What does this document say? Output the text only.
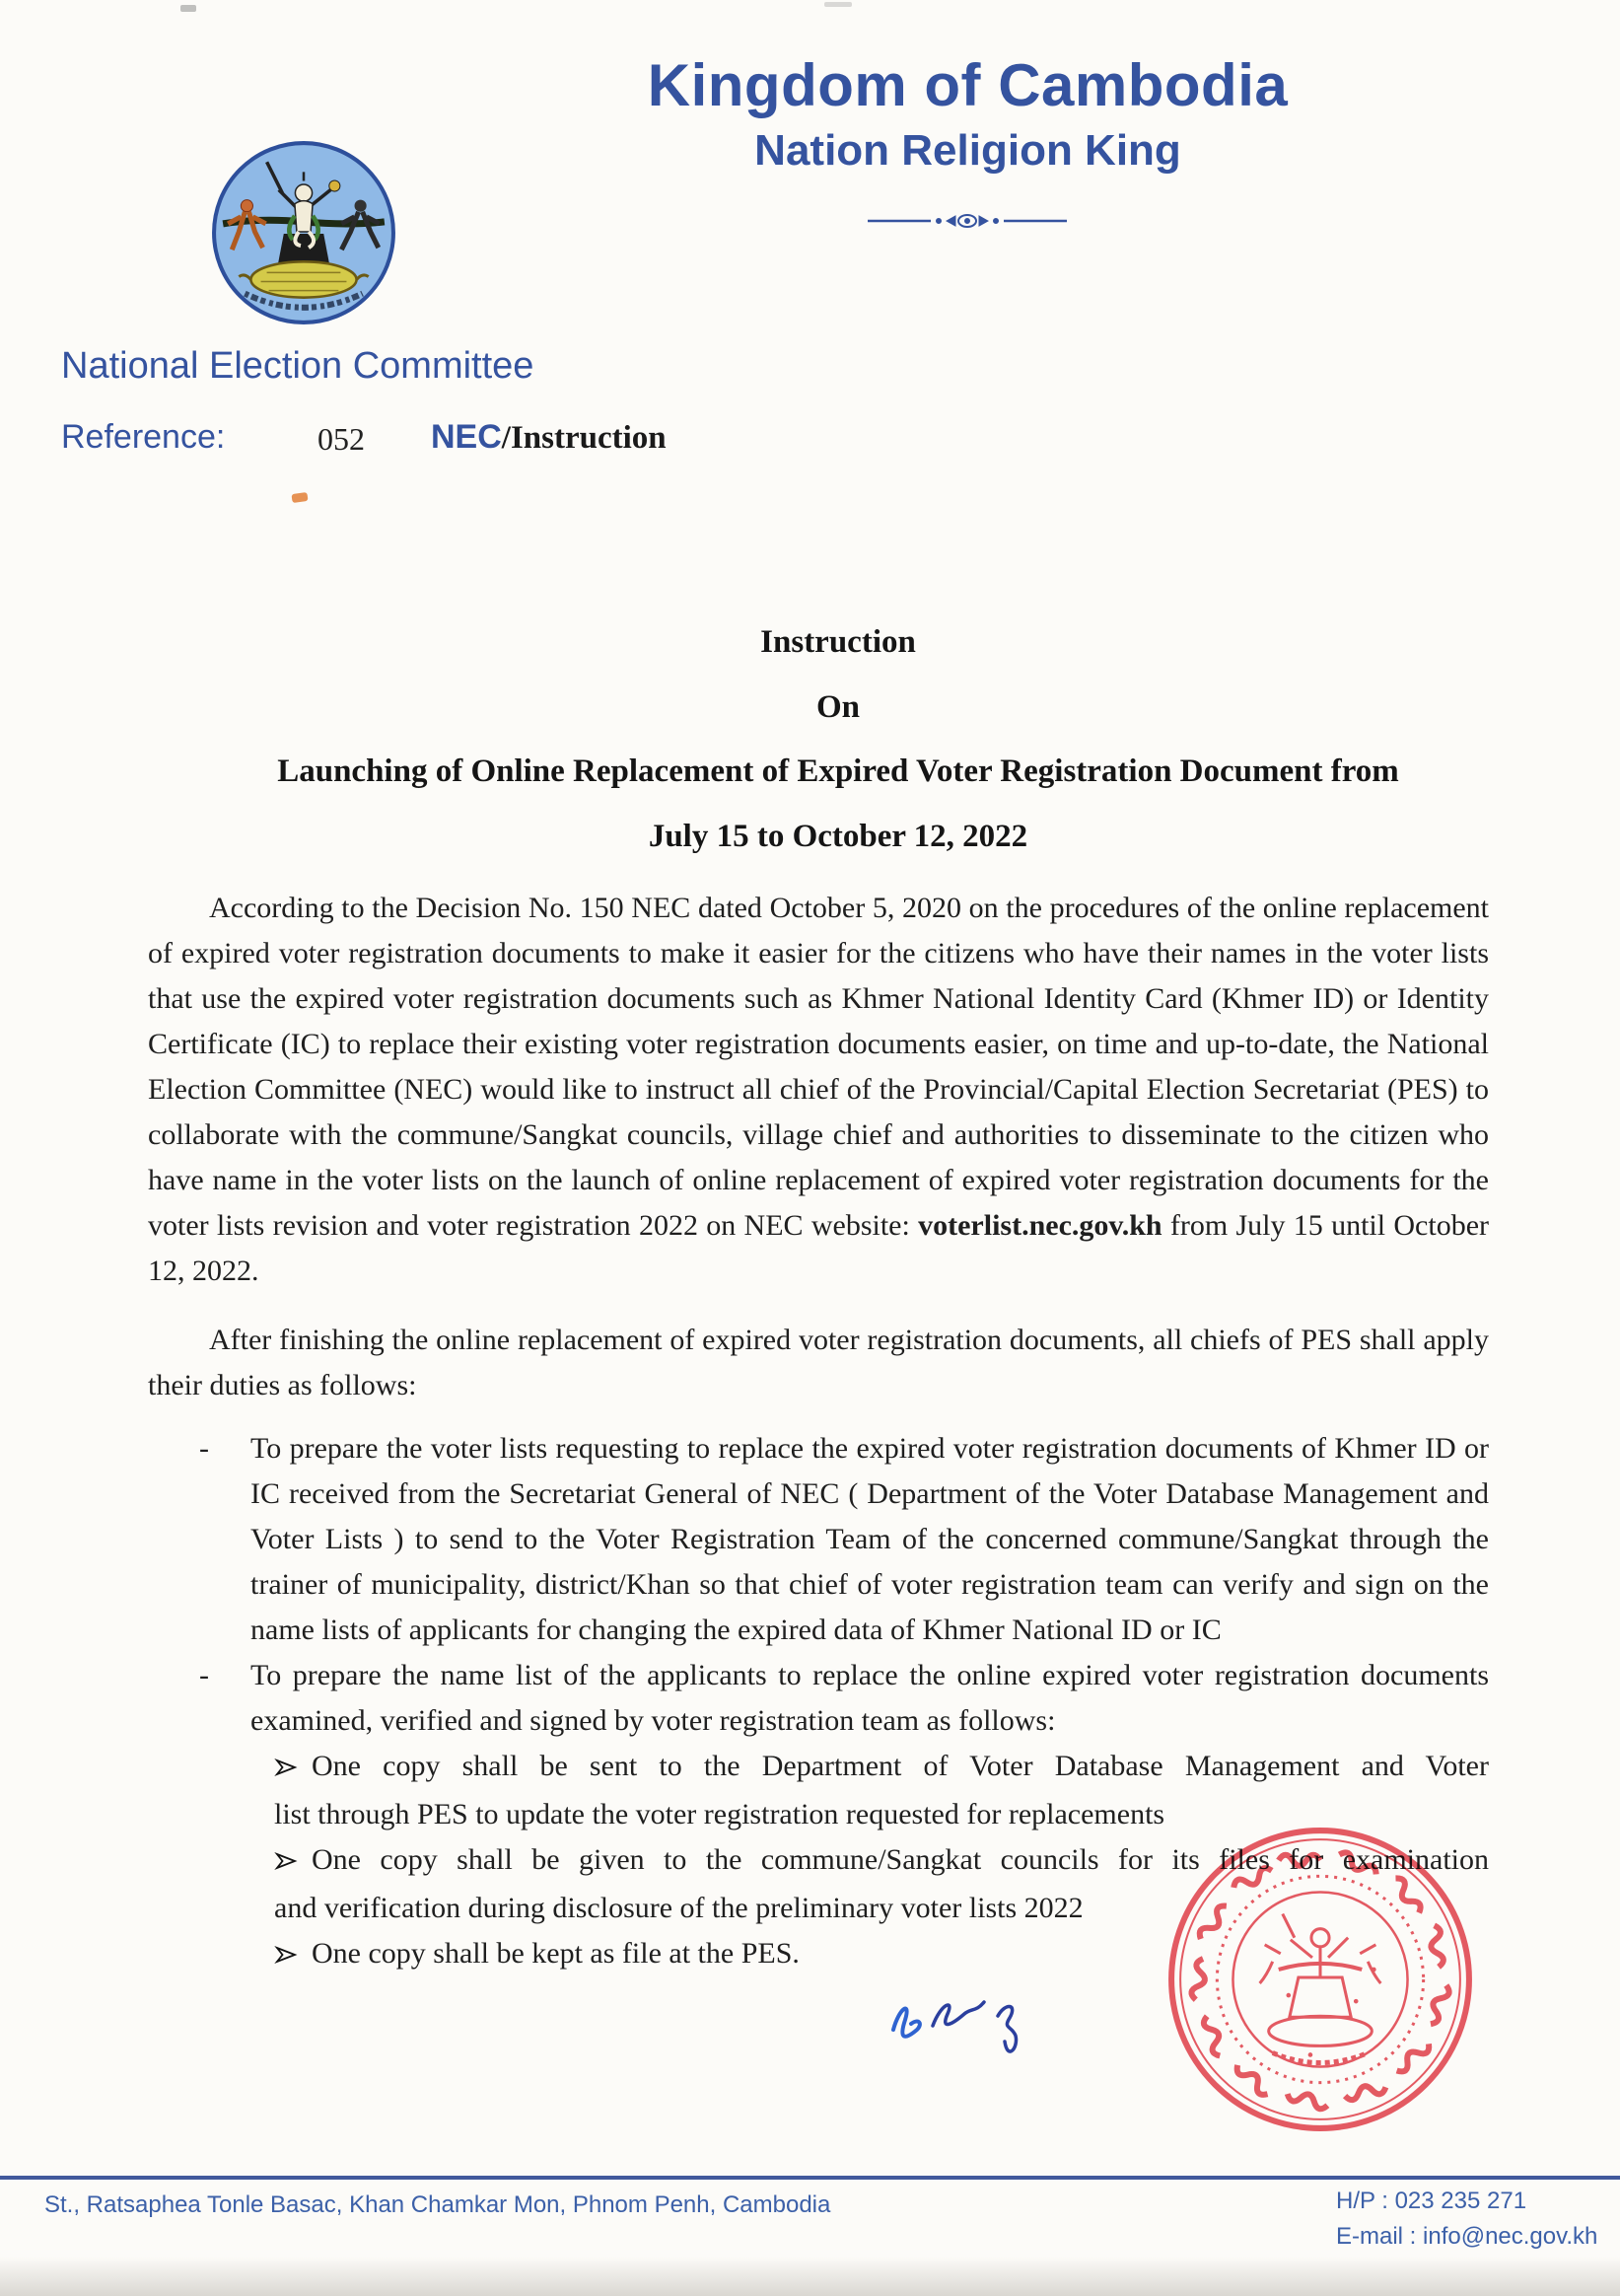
Kingdom of Cambodia
Nation Religion King
National Election Committee
Reference:	052 NEC/Instruction
Instruction
On
Launching of Online Replacement of Expired Voter Registration Document from
July 15 to October 12, 2022

According to the Decision No. 150 NEC dated October 5, 2020 on the procedures of the online replacement of expired voter registration documents to make it easier for the citizens who have their names in the voter lists that use the expired voter registration documents such as Khmer National Identity Card (Khmer ID) or Identity Certificate (IC) to replace their existing voter registration documents easier, on time and up-to-date, the National Election Committee (NEC) would like to instruct all chief of the Provincial/Capital Election Secretariat (PES) to collaborate with the commune/Sangkat councils, village chief and authorities to disseminate to the citizen who have name in the voter lists on the launch of online replacement of expired voter registration documents for the voter lists revision and voter registration 2022 on NEC website: voterlist.nec.gov.kh from July 15 until October 12, 2022.

After finishing the online replacement of expired voter registration documents, all chiefs of PES shall apply their duties as follows:

- To prepare the voter lists requesting to replace the expired voter registration documents of Khmer ID or IC received from the Secretariat General of NEC ( Department of the Voter Database Management and Voter Lists ) to send to the Voter Registration Team of the concerned commune/Sangkat through the trainer of municipality, district/Khan so that chief of voter registration team can verify and sign on the name lists of applicants for changing the expired data of Khmer National ID or IC
- To prepare the name list of the applicants to replace the online expired voter registration documents examined, verified and signed by voter registration team as follows:
One copy shall be sent to the Department of Voter Database Management and Voter
list through PES to update the voter registration requested for replacements
One copy shall be given to the commune/Sangkat councils for its files for examination
and verification during disclosure of the preliminary voter lists 2022
One copy shall be kept as file at the PES.
St., Ratsaphea Tonle Basac, Khan Chamkar Mon, Phnom Penh, Cambodia	H/P : 023 235 271
E-mail : info@nec.gov.kh
